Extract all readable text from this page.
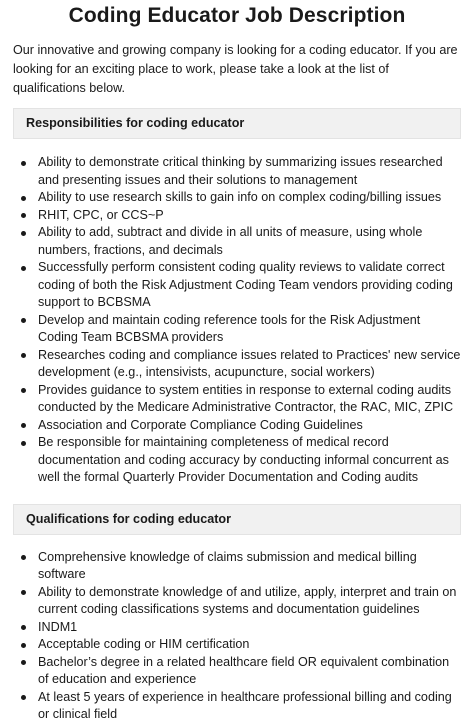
Coding Educator Job Description

Our innovative and growing company is looking for a coding educator. If you are looking for an exciting place to work, please take a look at the list of qualifications below.

Responsibilities for coding educator
Ability to demonstrate critical thinking by summarizing issues researched and presenting issues and their solutions to management
Ability to use research skills to gain info on complex coding/billing issues
RHIT, CPC, or CCS~P
Ability to add, subtract and divide in all units of measure, using whole numbers, fractions, and decimals
Successfully perform consistent coding quality reviews to validate correct coding of both the Risk Adjustment Coding Team vendors providing coding support to BCBSMA
Develop and maintain coding reference tools for the Risk Adjustment Coding Team BCBSMA providers
Researches coding and compliance issues related to Practices' new service development (e.g., intensivists, acupuncture, social workers)
Provides guidance to system entities in response to external coding audits conducted by the Medicare Administrative Contractor, the RAC, MIC, ZPIC
Association and Corporate Compliance Coding Guidelines
Be responsible for maintaining completeness of medical record documentation and coding accuracy by conducting informal concurrent as well the formal Quarterly Provider Documentation and Coding audits
Qualifications for coding educator
Comprehensive knowledge of claims submission and medical billing software
Ability to demonstrate knowledge of and utilize, apply, interpret and train on current coding classifications systems and documentation guidelines
INDM1
Acceptable coding or HIM certification
Bachelor’s degree in a related healthcare field OR equivalent combination of education and experience
At least 5 years of experience in healthcare professional billing and coding or clinical field
